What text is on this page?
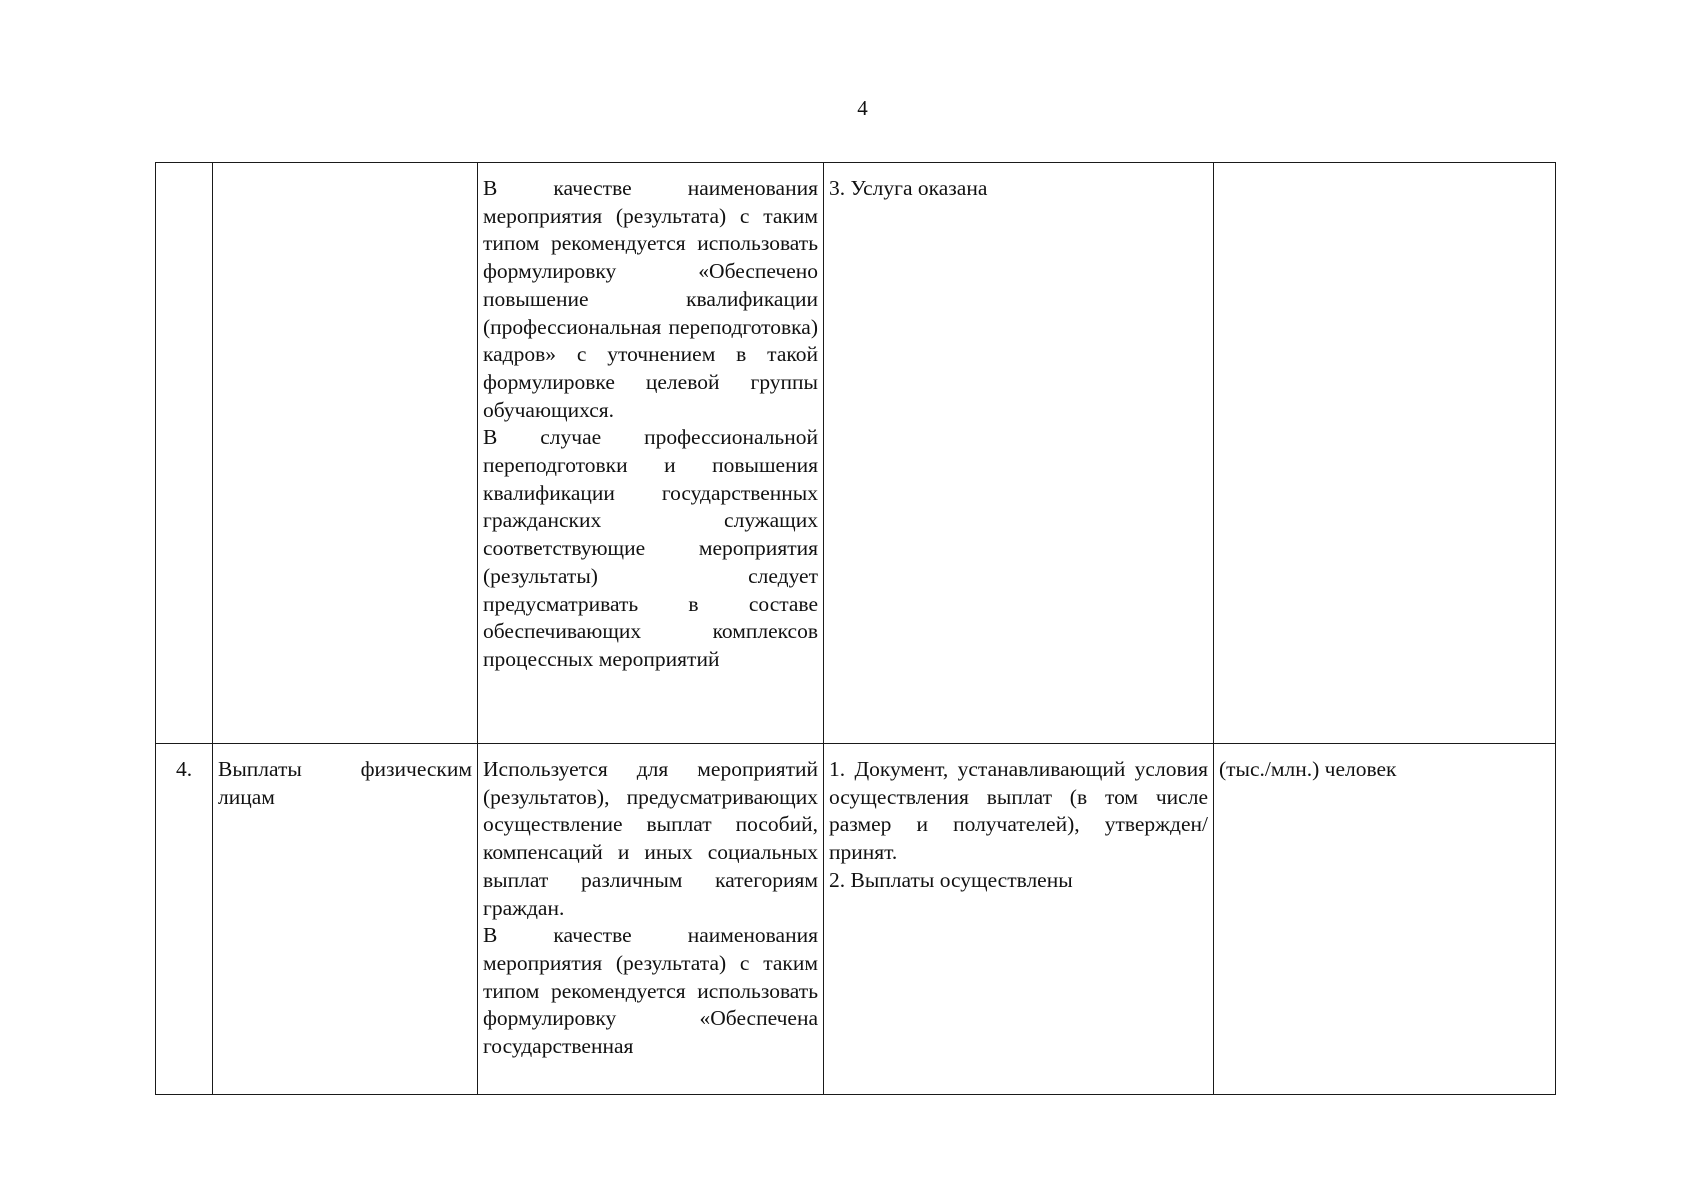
4

		В качестве наименования мероприятия (результата) с таким типом рекомендуется использовать формулировку «Обеспечено повышение квалификации (профессиональная переподготовка) кадров» с уточнением в такой формулировке целевой группы обучающихся.
В случае профессиональной переподготовки и повышения квалификации государственных гражданских служащих соответствующие мероприятия (результаты) следует предусматривать в составе обеспечивающих комплексов процессных мероприятий	3. Услуга оказана	

4.	Выплаты физическим лицам	Используется для мероприятий (результатов), предусматривающих осуществление выплат пособий, компенсаций и иных социальных выплат различным категориям граждан.
В качестве наименования мероприятия (результата) с таким типом рекомендуется использовать формулировку «Обеспечена государственная	1. Документ, устанавливающий условия осуществления выплат (в том числе размер и получателей), утвержден/принят.
2. Выплаты осуществлены	(тыс./млн.) человек
